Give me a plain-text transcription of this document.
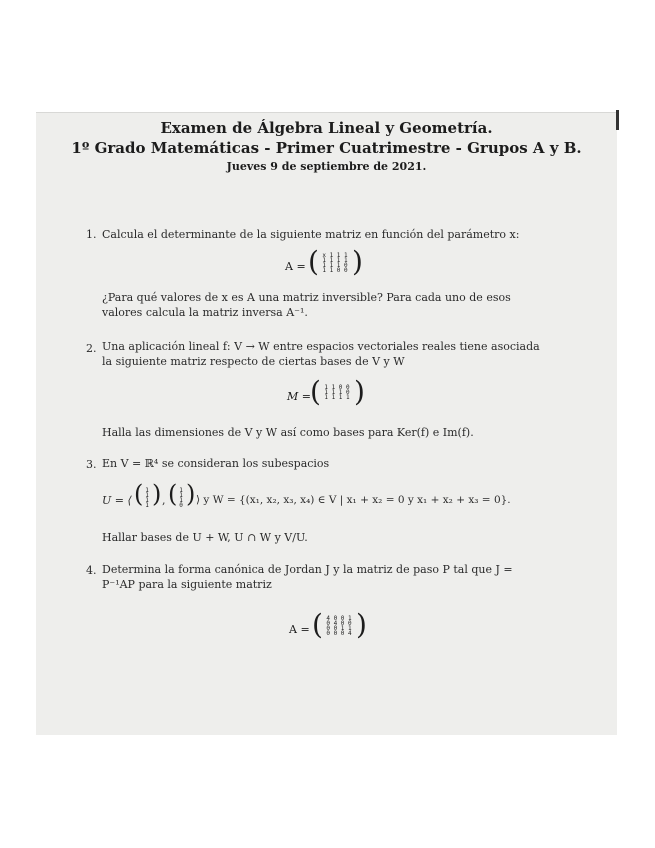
Examen de Álgebra Lineal y Geometría.
1º Grado Matemáticas - Primer Cuatrimestre - Grupos A y B.
Jueves 9 de septiembre de 2021.
1. Calcula el determinante de la siguiente matriz en función del parámetro x:
A = ( x 1 1 1
1 1 1 1
1 1 1 0
1 1 0 0 )
¿Para qué valores de x es A una matriz inversible? Para cada uno de esos
valores calcula la matriz inversa A⁻¹.
2. Una aplicación lineal f: V → W entre espacios vectoriales reales tiene asociada
la siguiente matriz respecto de ciertas bases de V y W
M = ( 1 1 0 0
1 1 1 0
1 1 1 1 )
Halla las dimensiones de V y W así como bases para Ker(f) e Im(f).
3. En V = ℝ⁴ se consideran los subespacios
U = ⟨ ( 1
1
1
1 ) , ( 1
1
1
0 ) ⟩ y W = {(x₁, x₂, x₃, x₄) ∈ V | x₁ + x₂ = 0 y x₁ + x₂ + x₃ = 0}.
Hallar bases de U + W, U ∩ W y V/U.
4. Determina la forma canónica de Jordan J y la matriz de paso P tal que J =
P⁻¹AP para la siguiente matriz
A = ( 4 0 0 1
0 4 0 0
0 0 1 1
0 0 0 4 )
